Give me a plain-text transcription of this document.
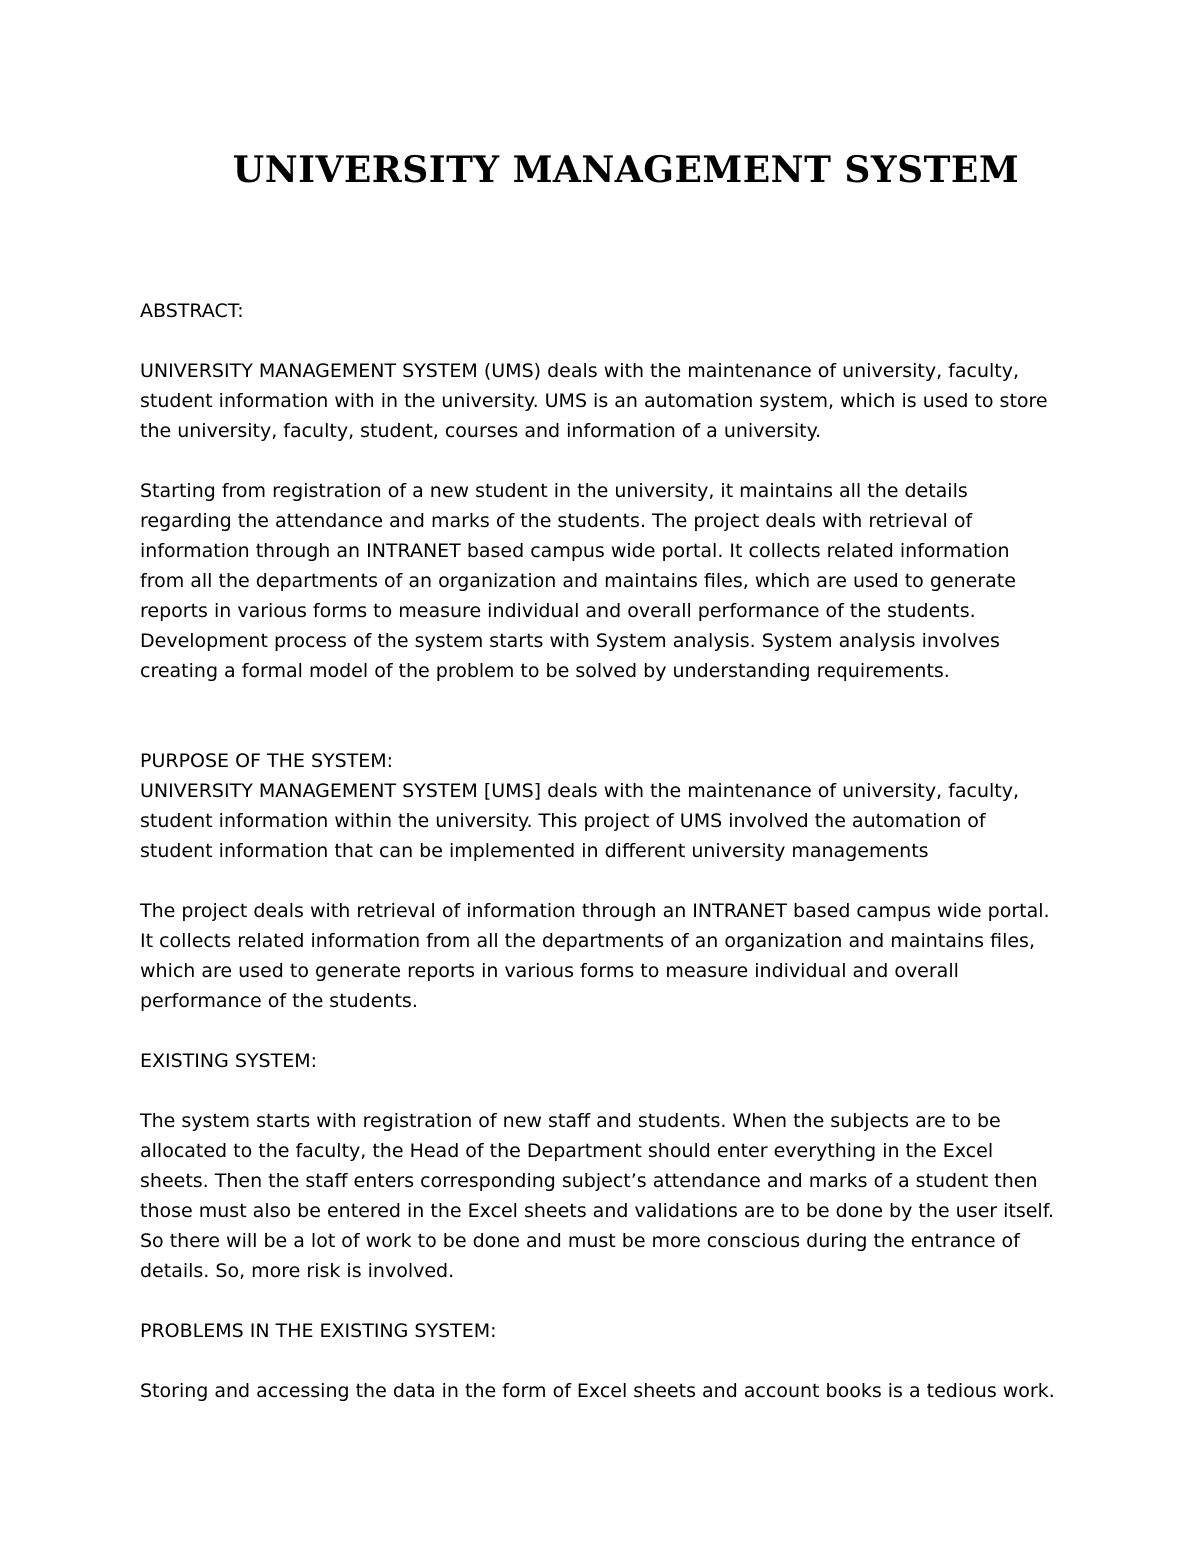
UNIVERSITY MANAGEMENT SYSTEM
ABSTRACT:

UNIVERSITY MANAGEMENT SYSTEM (UMS) deals with the maintenance of university, faculty,
student information with in the university. UMS is an automation system, which is used to store
the university, faculty, student, courses and information of a university.

Starting from registration of a new student in the university, it maintains all the details
regarding the attendance and marks of the students. The project deals with retrieval of
information through an INTRANET based campus wide portal. It collects related information
from all the departments of an organization and maintains files, which are used to generate
reports in various forms to measure individual and overall performance of the students.
Development process of the system starts with System analysis. System analysis involves
creating a formal model of the problem to be solved by understanding requirements.

PURPOSE OF THE SYSTEM:

UNIVERSITY MANAGEMENT SYSTEM [UMS] deals with the maintenance of university, faculty,
student information within the university. This project of UMS involved the automation of
student information that can be implemented in different university managements

The project deals with retrieval of information through an INTRANET based campus wide portal.
It collects related information from all the departments of an organization and maintains files,
which are used to generate reports in various forms to measure individual and overall
performance of the students.

EXISTING SYSTEM:

The system starts with registration of new staff and students. When the subjects are to be
allocated to the faculty, the Head of the Department should enter everything in the Excel
sheets. Then the staff enters corresponding subject’s attendance and marks of a student then
those must also be entered in the Excel sheets and validations are to be done by the user itself.
So there will be a lot of work to be done and must be more conscious during the entrance of
details. So, more risk is involved.

PROBLEMS IN THE EXISTING SYSTEM:

Storing and accessing the data in the form of Excel sheets and account books is a tedious work.
